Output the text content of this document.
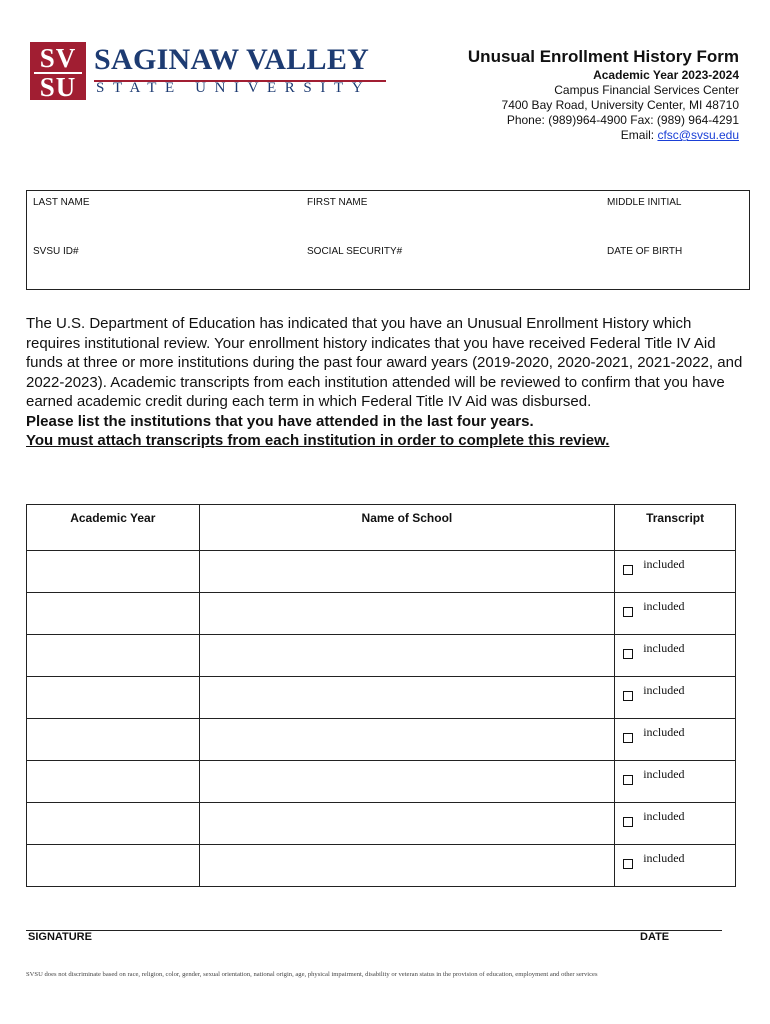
SV
SU
SAGINAW VALLEY
STATE UNIVERSITY
Unusual Enrollment History Form
Academic Year 2023-2024
Campus Financial Services Center
7400 Bay Road, University Center, MI 48710
Phone: (989)964-4900 Fax: (989) 964-4291
Email: cfsc@svsu.edu
LAST NAME	FIRST NAME	MIDDLE INITIAL
SVSU ID#	SOCIAL SECURITY#	DATE OF BIRTH

The U.S. Department of Education has indicated that you have an Unusual Enrollment History which requires institutional review. Your enrollment history indicates that you have received Federal Title IV Aid funds at three or more institutions during the past four award years (2019-2020, 2020-2021, 2021-2022, and 2022-2023). Academic transcripts from each institution attended will be reviewed to confirm that you have earned academic credit during each term in which Federal Title IV Aid was disbursed.

Please list the institutions that you have attended in the last four years.

You must attach transcripts from each institution in order to complete this review.

Academic Year	Name of School	Transcript

		included

		included

		included

		included

		included

		included

		included

		included
SIGNATURE	DATE
SVSU does not discriminate based on race, religion, color, gender, sexual orientation, national origin, age, physical impairment, disability or veteran status in the provision of education, employment and other services
